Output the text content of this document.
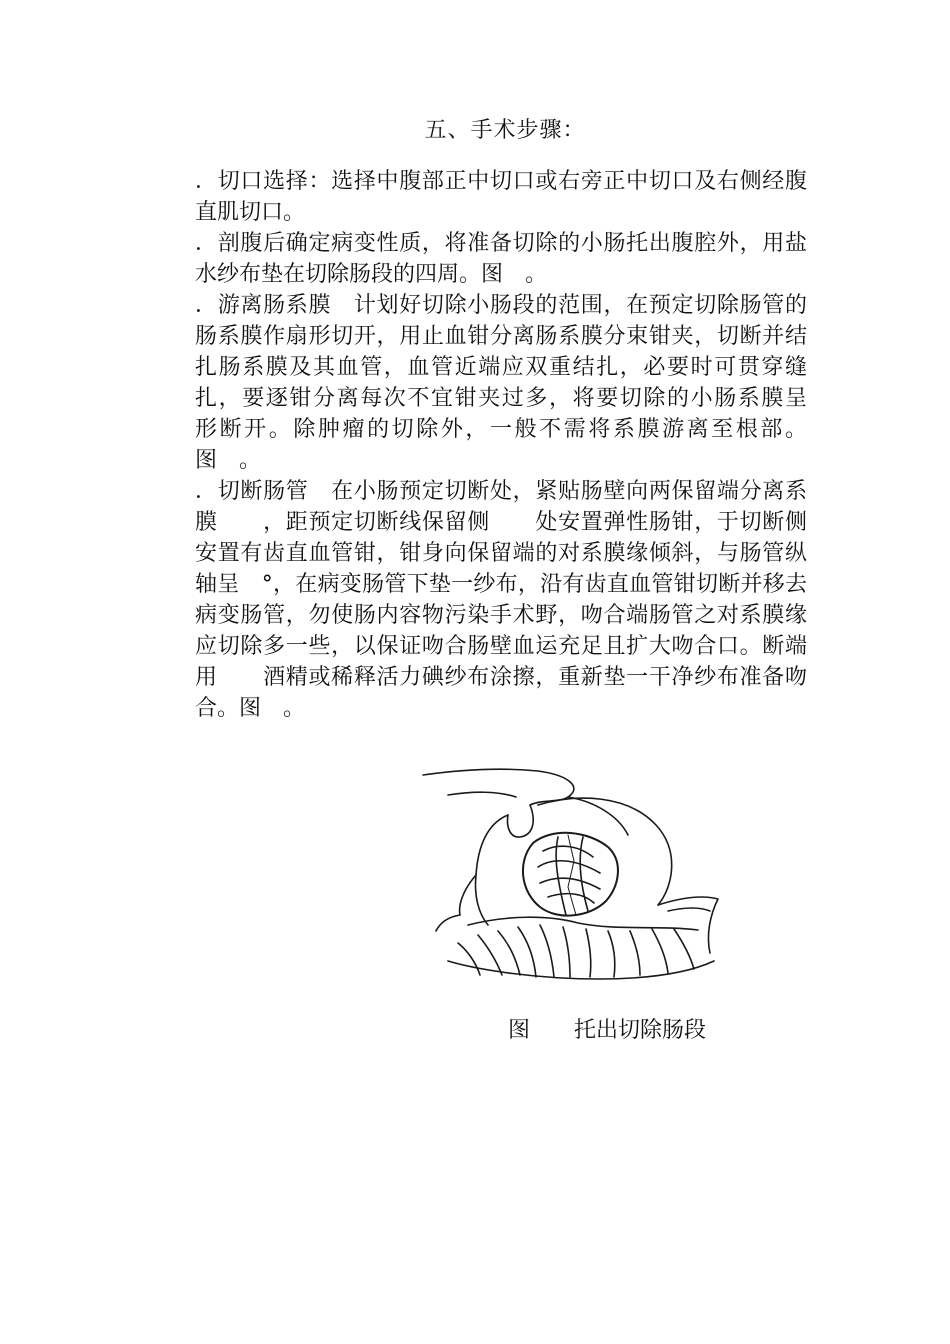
五、手术步骤：

．切口选择：选择中腹部正中切口或右旁正中切口及右侧经腹直肌切口。

．剖腹后确定病变性质，将准备切除的小肠托出腹腔外，用盐水纱布垫在切除肠段的四周。图　。

．游离肠系膜　计划好切除小肠段的范围，在预定切除肠管的肠系膜作扇形切开，用止血钳分离肠系膜分束钳夹，切断并结扎肠系膜及其血管，血管近端应双重结扎，必要时可贯穿缝扎，要逐钳分离每次不宜钳夹过多，将要切除的小肠系膜呈　形断开。除肿瘤的切除外，一般不需将系膜游离至根部。图　。

．切断肠管　在小肠预定切断处，紧贴肠壁向两保留端分离系膜　　，距预定切断线保留侧　　处安置弹性肠钳，于切断侧安置有齿直血管钳，钳身向保留端的对系膜缘倾斜，与肠管纵轴呈　°，在病变肠管下垫一纱布，沿有齿直血管钳切断并移去病变肠管，勿使肠内容物污染手术野，吻合端肠管之对系膜缘应切除多一些，以保证吻合肠壁血运充足且扩大吻合口。断端用　　酒精或稀释活力碘纱布涂擦，重新垫一干净纱布准备吻合。图　。

图 托出切除肠段
